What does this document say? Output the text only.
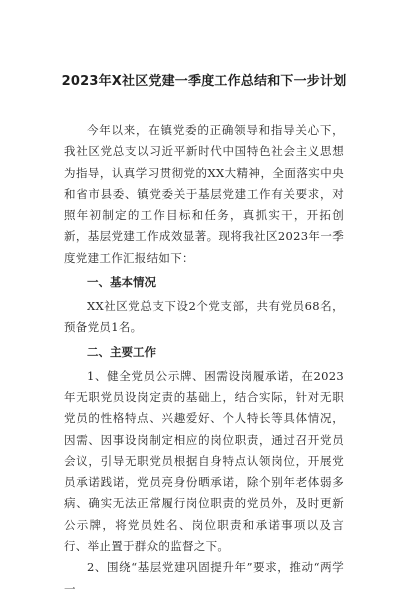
2023年X社区党建一季度工作总结和下一步计划

今年以来，在镇党委的正确领导和指导关心下，我社区党总支以习近平新时代中国特色社会主义思想为指导，认真学习贯彻党的XX大精神，全面落实中央和省市县委、镇党委关于基层党建工作有关要求，对照年初制定的工作目标和任务，真抓实干，开拓创新，基层党建工作成效显著。现将我社区2023年一季度党建工作汇报结如下：

一、基本情况

XX社区党总支下设2个党支部，共有党员68名，预备党员1名。

二、主要工作

1、健全党员公示牌、困需设岗履承诺，在2023年无职党员设岗定责的基础上，结合实际，针对无职党员的性格特点、兴趣爱好、个人特长等具体情况，因需、因事设岗制定相应的岗位职责，通过召开党员会议，引导无职党员根据自身特点认领岗位，开展党员承诺践诺，党员亮身份晒承诺，除个别年老体弱多病、确实无法正常履行岗位职责的党员外，及时更新公示牌，将党员姓名、岗位职责和承诺事项以及言行、举止置于群众的监督之下。

2、围绕“基层党建巩固提升年”要求，推动“两学一
